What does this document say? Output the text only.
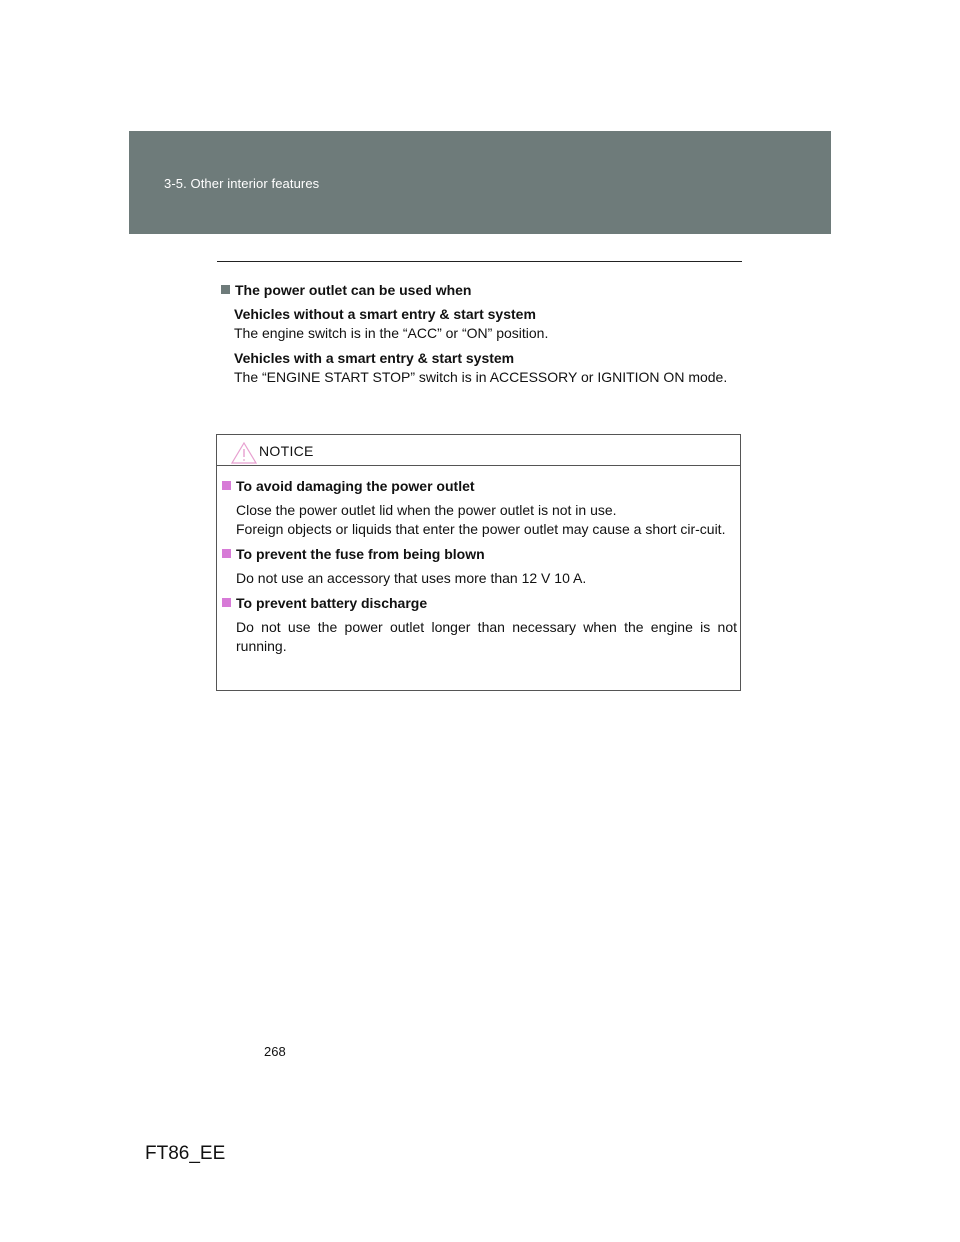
3-5. Other interior features
The power outlet can be used when
Vehicles without a smart entry & start system
The engine switch is in the “ACC” or “ON” position.
Vehicles with a smart entry & start system
The “ENGINE START STOP” switch is in ACCESSORY or IGNITION ON mode.
NOTICE
To avoid damaging the power outlet
Close the power outlet lid when the power outlet is not in use.
Foreign objects or liquids that enter the power outlet may cause a short cir-cuit.
To prevent the fuse from being blown
Do not use an accessory that uses more than 12 V 10 A.
To prevent battery discharge
Do not use the power outlet longer than necessary when the engine is not running.
268
FT86_EE
